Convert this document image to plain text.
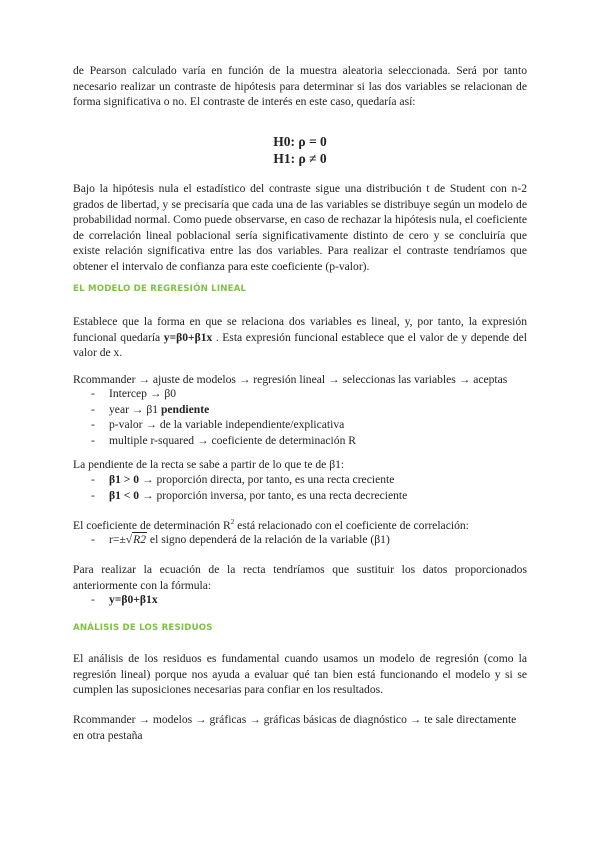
de Pearson calculado varía en función de la muestra aleatoria seleccionada. Será por tanto necesario realizar un contraste de hipótesis para determinar si las dos variables se relacionan de forma significativa o no. El contraste de interés en este caso, quedaría así:

H0: ρ = 0
H1: ρ ≠ 0

Bajo la hipótesis nula el estadístico del contraste sigue una distribución t de Student con n-2 grados de libertad, y se precisaría que cada una de las variables se distribuye según un modelo de probabilidad normal. Como puede observarse, en caso de rechazar la hipótesis nula, el coeficiente de correlación lineal poblacional sería significativamente distinto de cero y se concluiría que existe relación significativa entre las dos variables. Para realizar el contraste tendríamos que obtener el intervalo de confianza para este coeficiente (p-valor).

EL MODELO DE REGRESIÓN LINEAL

Establece que la forma en que se relaciona dos variables es lineal, y, por tanto, la expresión funcional quedaría y=β0+β1x . Esta expresión funcional establece que el valor de y depende del valor de x.

Rcommander → ajuste de modelos → regresión lineal → seleccionas las variables → aceptas
- Intercep → β0
- year → β1 pendiente
- p-valor → de la variable independiente/explicativa
- multiple r-squared → coeficiente de determinación R
La pendiente de la recta se sabe a partir de lo que te de β1:
- β1 > 0 → proporción directa, por tanto, es una recta creciente
- β1 < 0 → proporción inversa, por tanto, es una recta decreciente
El coeficiente de determinación $R^2$ está relacionado con el coeficiente de correlación:
- r=±√R2 el signo dependerá de la relación de la variable (β1)

Para realizar la ecuación de la recta tendríamos que sustituir los datos proporcionados anteriormente con la fórmula:

- y=β0+β1x
ANÁLISIS DE LOS RESIDUOS

El análisis de los residuos es fundamental cuando usamos un modelo de regresión (como la regresión lineal) porque nos ayuda a evaluar qué tan bien está funcionando el modelo y si se cumplen las suposiciones necesarias para confiar en los resultados.

Rcommander → modelos → gráficas → gráficas básicas de diagnóstico → te sale directamente en otra pestaña
